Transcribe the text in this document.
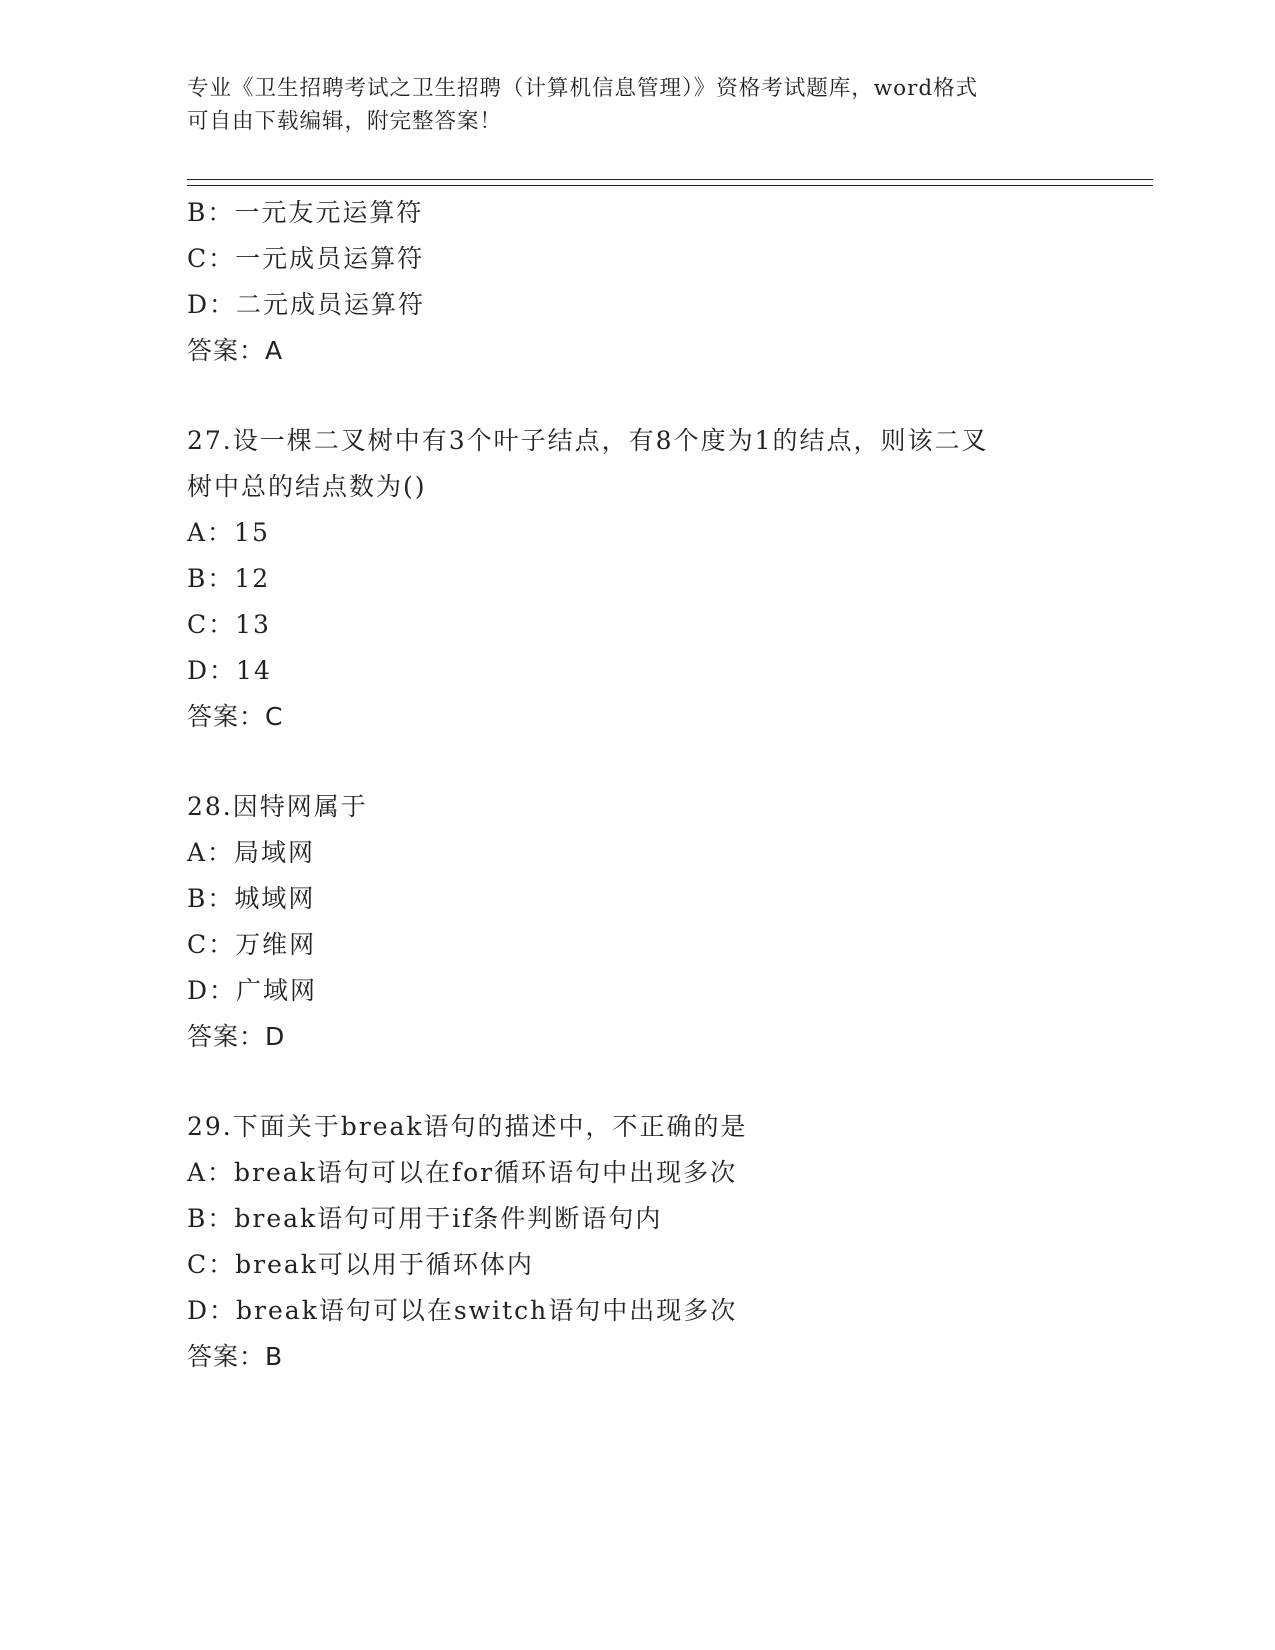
专业《卫生招聘考试之卫生招聘（计算机信息管理）》资格考试题库，word格式
可自由下载编辑，附完整答案！
B：一元友元运算符
C：一元成员运算符
D：二元成员运算符
答案：A
27.设一棵二叉树中有3个叶子结点，有8个度为1的结点，则该二叉
树中总的结点数为()
A：15
B：12
C：13
D：14
答案：C
28.因特网属于
A：局域网
B：城域网
C：万维网
D：广域网
答案：D
29.下面关于break语句的描述中，不正确的是
A：break语句可以在for循环语句中出现多次
B：break语句可用于if条件判断语句内
C：break可以用于循环体内
D：break语句可以在switch语句中出现多次
答案：B
